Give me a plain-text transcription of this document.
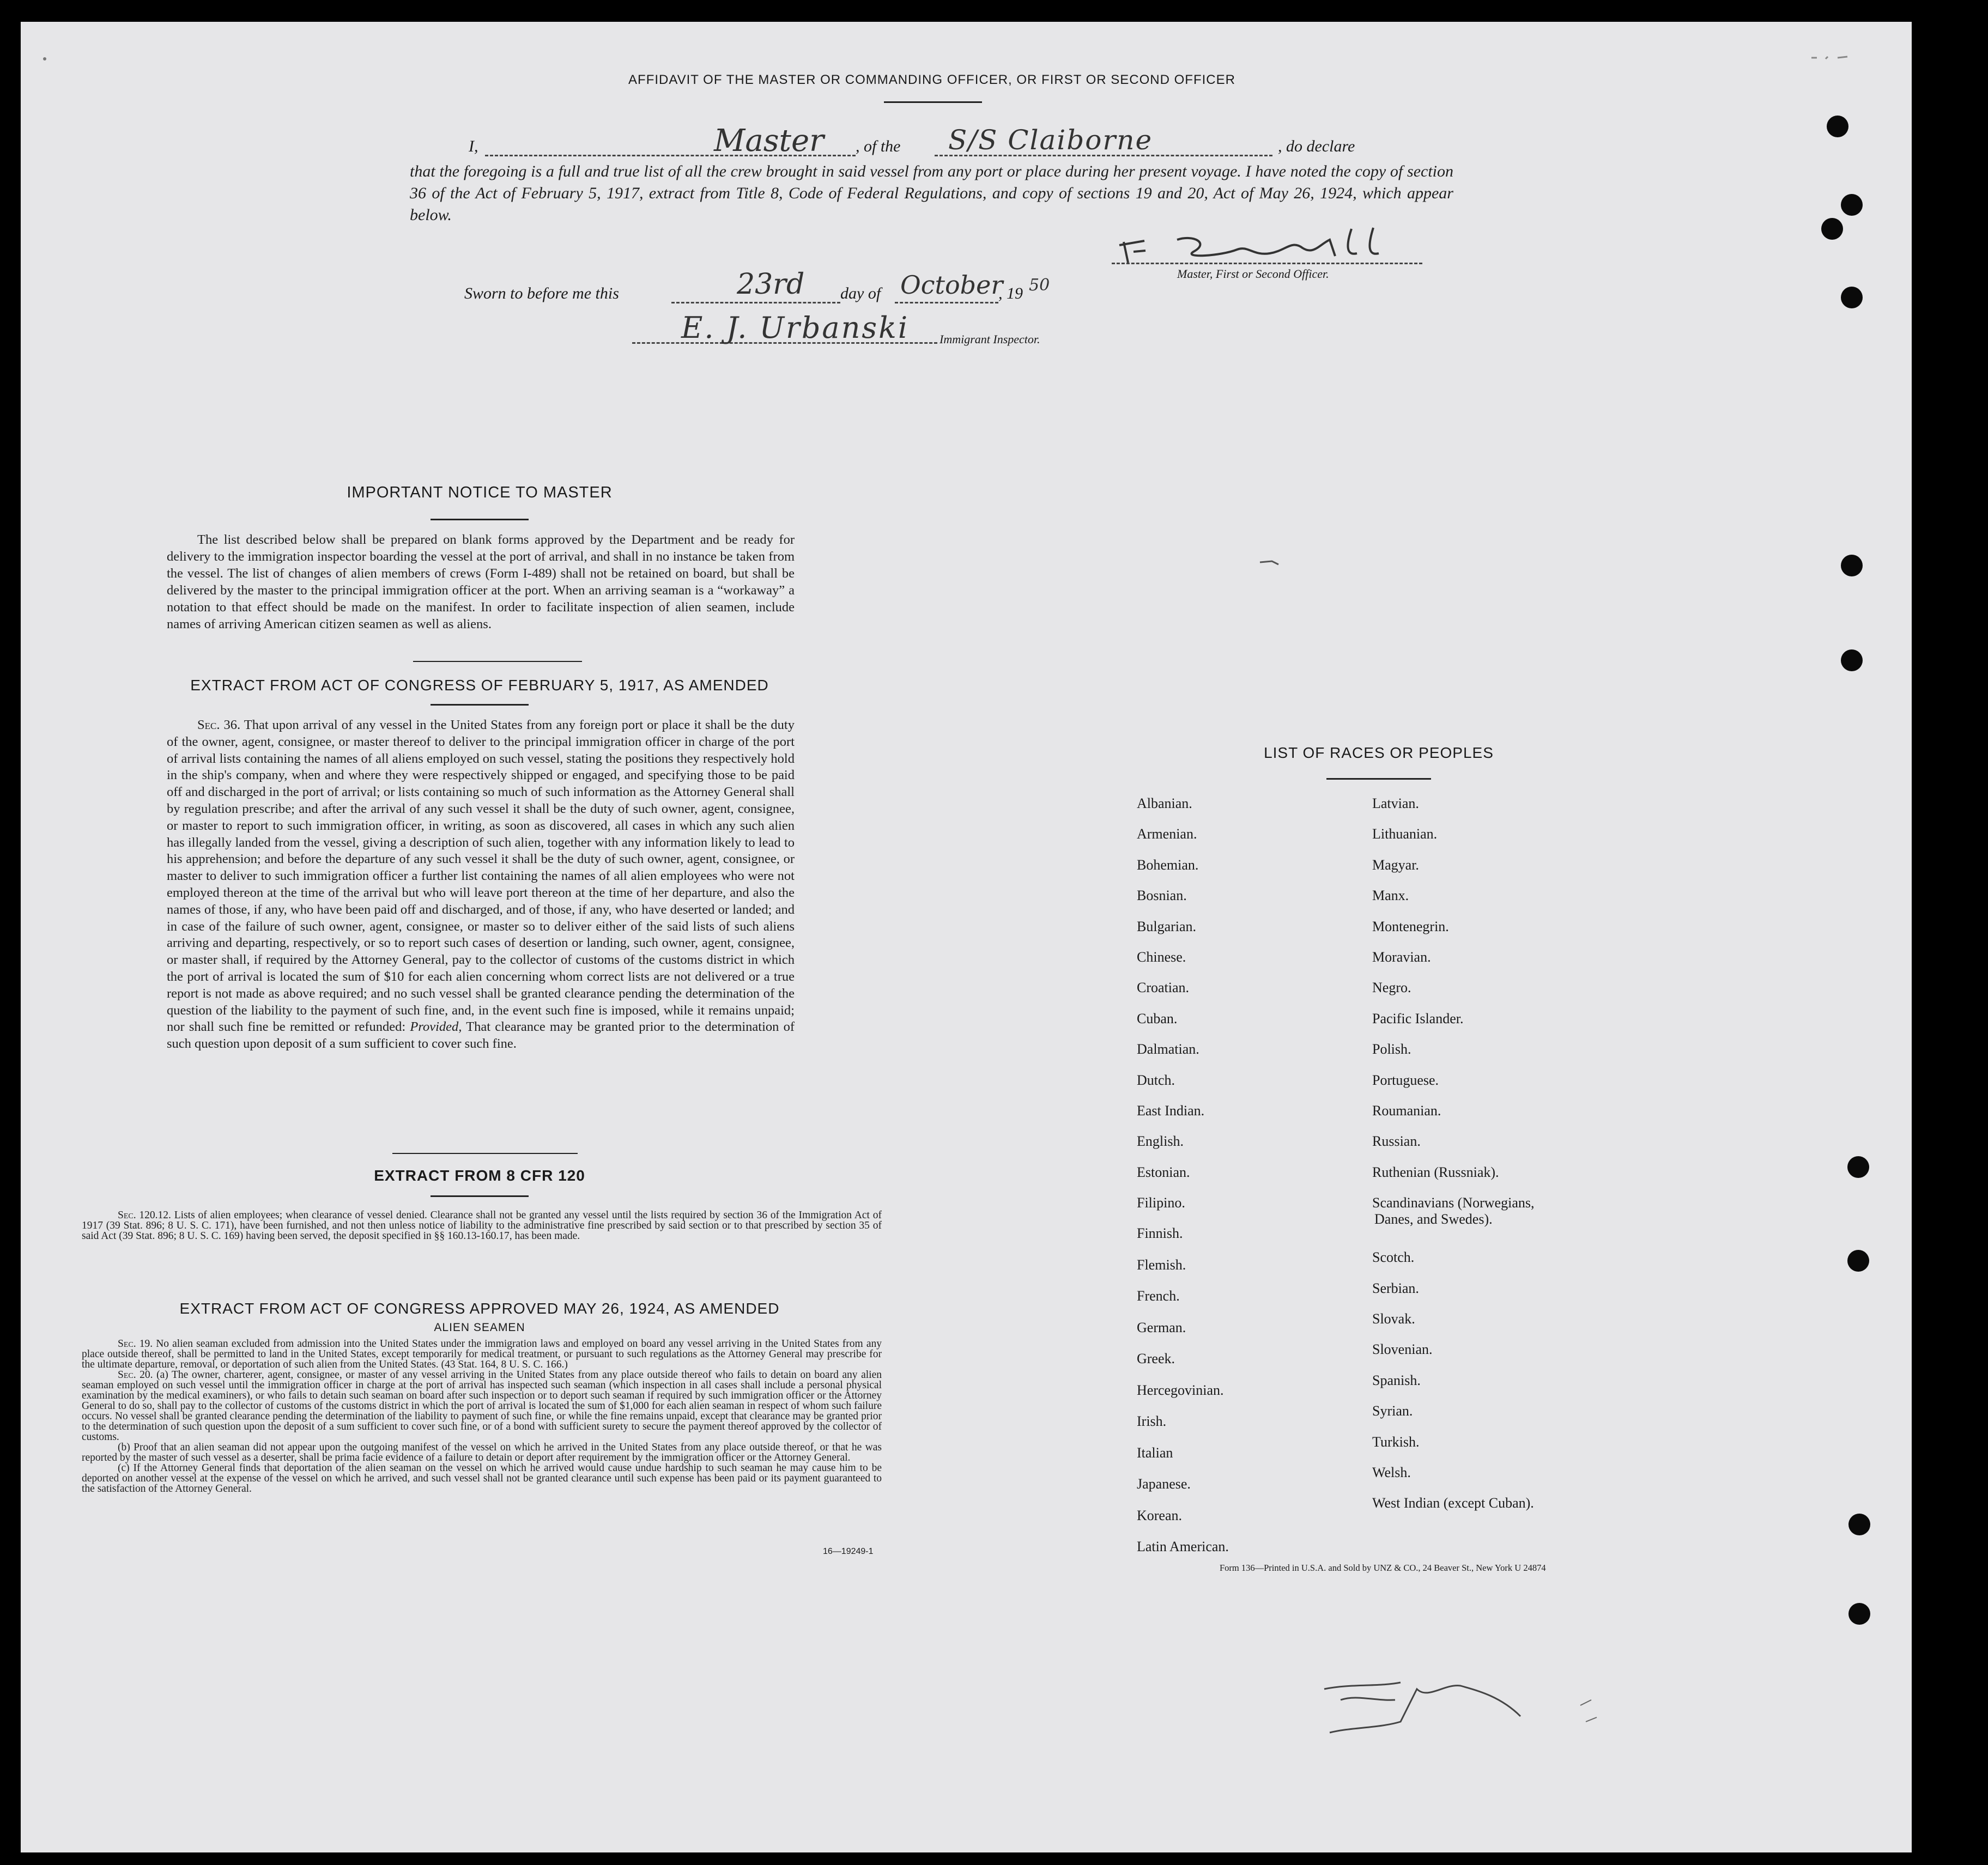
AFFIDAVIT OF THE MASTER OR COMMANDING OFFICER, OR FIRST OR SECOND OFFICER
I,	Master , of the S/S Claiborne	, do declare
that the foregoing is a full and true list of all the crew brought in said vessel from any port or place during her present voyage. I have noted the copy of section 36 of the Act of February 5, 1917, extract from Title 8, Code of Federal Regulations, and copy of sections 19 and 20, Act of May 26, 1924, which appear below.
Master, First or Second Officer.
Sworn to before me this	23rd day of October
, 19 50
E. J. Urbanski	Immigrant Inspector.
IMPORTANT NOTICE TO MASTER
The list described below shall be prepared on blank forms approved by the Department and be ready for delivery to the immigration inspector boarding the vessel at the port of arrival, and shall in no instance be taken from the vessel. The list of changes of alien members of crews (Form I-489) shall not be retained on board, but shall be delivered by the master to the principal immigration officer at the port. When an arriving seaman is a “workaway” a notation to that effect should be made on the manifest. In order to facilitate inspection of alien seamen, include names of arriving American citizen seamen as well as aliens.
EXTRACT FROM ACT OF CONGRESS OF FEBRUARY 5, 1917, AS AMENDED
Sec. 36. That upon arrival of any vessel in the United States from any foreign port or place it shall be the duty of the owner, agent, consignee, or master thereof to deliver to the principal immigration officer in charge of the port of arrival lists containing the names of all aliens employed on such vessel, stating the positions they respectively hold in the ship's company, when and where they were respectively shipped or engaged, and specifying those to be paid off and discharged in the port of arrival; or lists containing so much of such information as the Attorney General shall by regulation prescribe; and after the arrival of any such vessel it shall be the duty of such owner, agent, consignee, or master to report to such immigration officer, in writing, as soon as discovered, all cases in which any such alien has illegally landed from the vessel, giving a description of such alien, together with any information likely to lead to his apprehension; and before the departure of any such vessel it shall be the duty of such owner, agent, consignee, or master to deliver to such immigration officer a further list containing the names of all alien employees who were not employed thereon at the time of the arrival but who will leave port thereon at the time of her departure, and also the names of those, if any, who have been paid off and discharged, and of those, if any, who have deserted or landed; and in case of the failure of such owner, agent, consignee, or master so to deliver either of the said lists of such aliens arriving and departing, respectively, or so to report such cases of desertion or landing, such owner, agent, consignee, or master shall, if required by the Attorney General, pay to the collector of customs of the customs district in which the port of arrival is located the sum of $10 for each alien concerning whom correct lists are not delivered or a true report is not made as above required; and no such vessel shall be granted clearance pending the determination of the question of the liability to the payment of such fine, and, in the event such fine is imposed, while it remains unpaid; nor shall such fine be remitted or refunded: Provided, That clearance may be granted prior to the determination of such question upon deposit of a sum sufficient to cover such fine.
EXTRACT FROM 8 CFR 120
Sec. 120.12. Lists of alien employees; when clearance of vessel denied. Clearance shall not be granted any vessel until the lists required by section 36 of the Immigration Act of 1917 (39 Stat. 896; 8 U. S. C. 171), have been furnished, and not then unless notice of liability to the administrative fine prescribed by said section or to that prescribed by section 35 of said Act (39 Stat. 896; 8 U. S. C. 169) having been served, the deposit specified in §§ 160.13-160.17, has been made.
EXTRACT FROM ACT OF CONGRESS APPROVED MAY 26, 1924, AS AMENDED
ALIEN SEAMEN
Sec. 19. No alien seaman excluded from admission into the United States under the immigration laws and employed on board any vessel arriving in the United States from any place outside thereof, shall be permitted to land in the United States, except temporarily for medical treatment, or pursuant to such regulations as the Attorney General may prescribe for the ultimate departure, removal, or deportation of such alien from the United States. (43 Stat. 164, 8 U. S. C. 166.)
Sec. 20. (a) The owner, charterer, agent, consignee, or master of any vessel arriving in the United States from any place outside thereof who fails to detain on board any alien seaman employed on such vessel until the immigration officer in charge at the port of arrival has inspected such seaman (which inspection in all cases shall include a personal physical examination by the medical examiners), or who fails to detain such seaman on board after such inspection or to deport such seaman if required by such immigration officer or the Attorney General to do so, shall pay to the collector of customs of the customs district in which the port of arrival is located the sum of $1,000 for each alien seaman in respect of whom such failure occurs. No vessel shall be granted clearance pending the determination of the liability to payment of such fine, or while the fine remains unpaid, except that clearance may be granted prior to the determination of such question upon the deposit of a sum sufficient to cover such fine, or of a bond with sufficient surety to secure the payment thereof approved by the collector of customs.
(b) Proof that an alien seaman did not appear upon the outgoing manifest of the vessel on which he arrived in the United States from any place outside thereof, or that he was reported by the master of such vessel as a deserter, shall be prima facie evidence of a failure to detain or deport after requirement by the immigration officer or the Attorney General.
(c) If the Attorney General finds that deportation of the alien seaman on the vessel on which he arrived would cause undue hardship to such seaman he may cause him to be deported on another vessel at the expense of the vessel on which he arrived, and such vessel shall not be granted clearance until such expense has been paid or its payment guaranteed to the satisfaction of the Attorney General.
16—19249-1
LIST OF RACES OR PEOPLES
Albanian.
Armenian.
Bohemian.
Bosnian.
Bulgarian.
Chinese.
Croatian.
Cuban.
Dalmatian.
Dutch.
East Indian.
English.
Estonian.
Filipino.
Finnish.
Flemish.
French.
German.
Greek.
Hercegovinian.
Irish.
Italian
Japanese.
Korean.
Latin American.
Latvian.
Lithuanian.
Magyar.
Manx.
Montenegrin.
Moravian.
Negro.
Pacific Islander.
Polish.
Portuguese.
Roumanian.
Russian.
Ruthenian (Russniak).
Scandinavians (Norwegians,
Danes, and Swedes).
Scotch.
Serbian.
Slovak.
Slovenian.
Spanish.
Syrian.
Turkish.
Welsh.
West Indian (except Cuban).
Form 136—Printed in U.S.A. and Sold by UNZ & CO., 24 Beaver St., New York U 24874
